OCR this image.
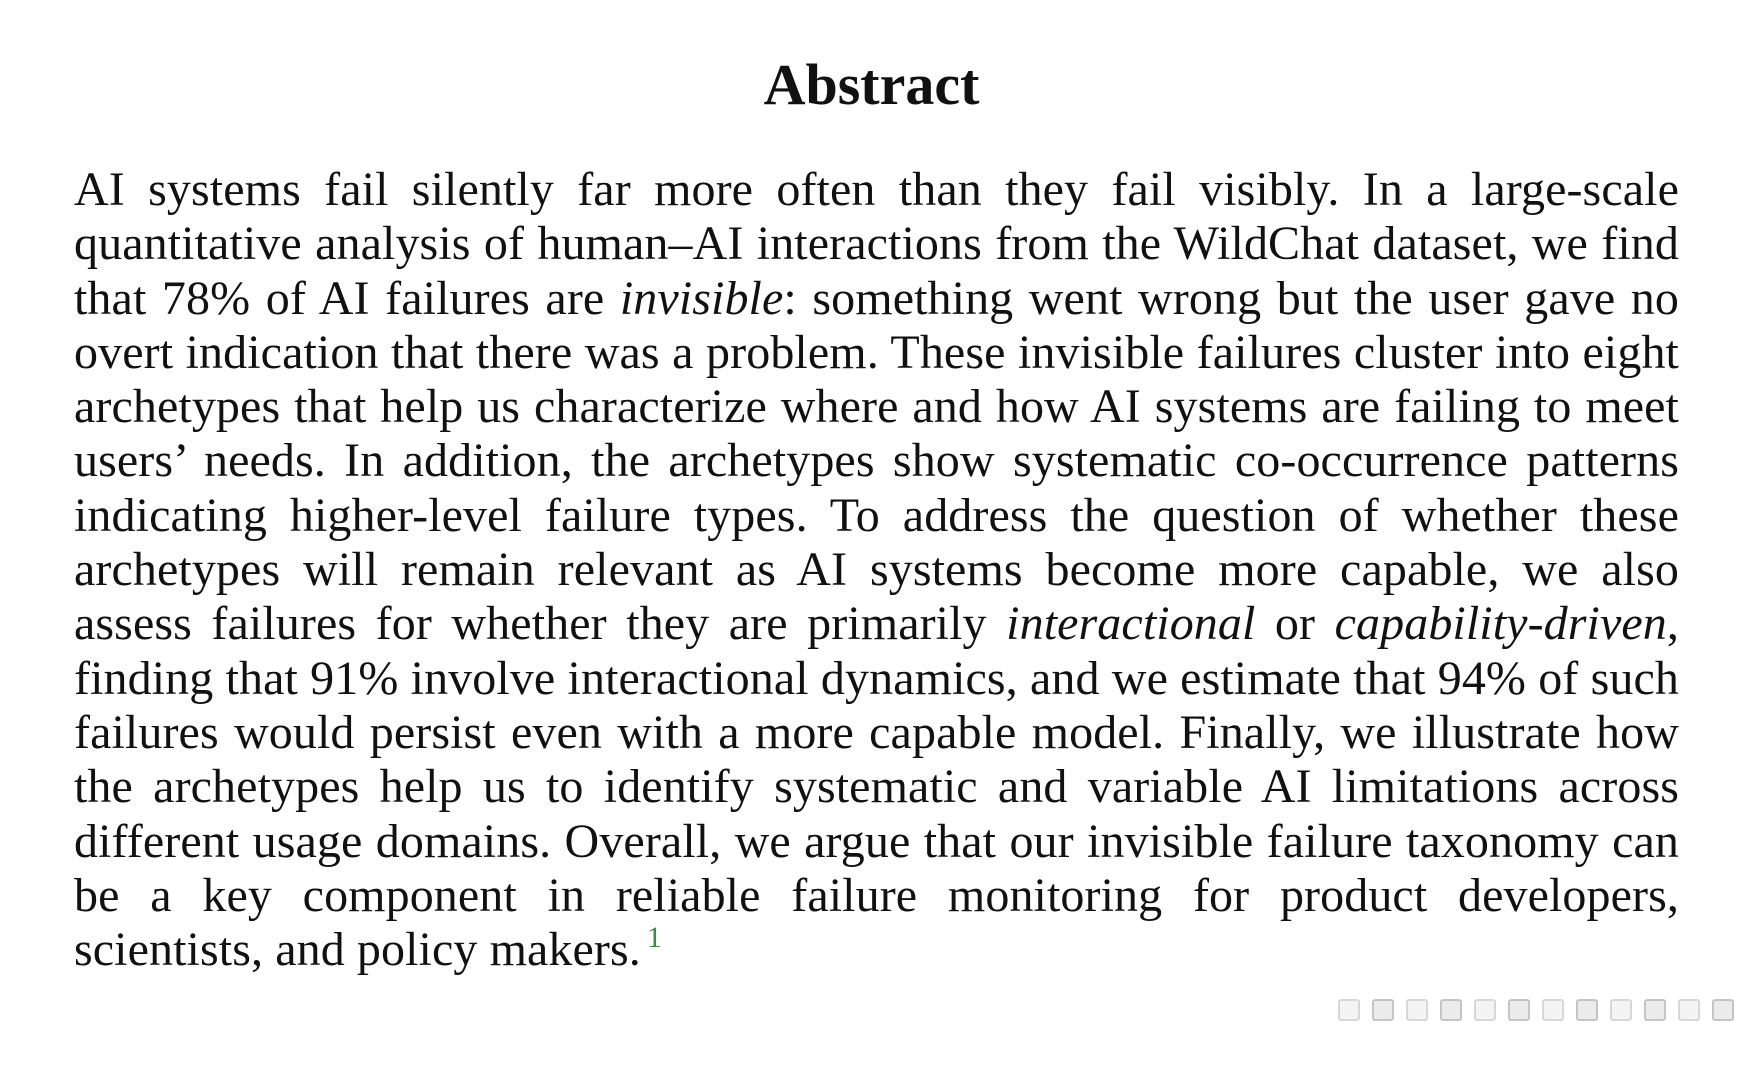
Abstract

AI systems fail silently far more often than they fail visibly. In a large-scale quantitative analysis of human–AI interactions from the WildChat dataset, we find that 78% of AI failures are invisible: something went wrong but the user gave no overt indication that there was a problem. These invisible failures cluster into eight archetypes that help us characterize where and how AI systems are failing to meet users’ needs. In addition, the archetypes show systematic co-occurrence patterns indicating higher-level failure types. To address the question of whether these archetypes will remain relevant as AI systems become more capable, we also assess failures for whether they are primarily interactional or capability-driven, finding that 91% involve interactional dynamics, and we estimate that 94% of such failures would persist even with a more capable model. Finally, we illustrate how the archetypes help us to identify systematic and variable AI limitations across different usage domains. Overall, we argue that our invisible failure taxonomy can be a key component in reliable failure monitoring for product developers, scientists, and policy makers. $^1$
